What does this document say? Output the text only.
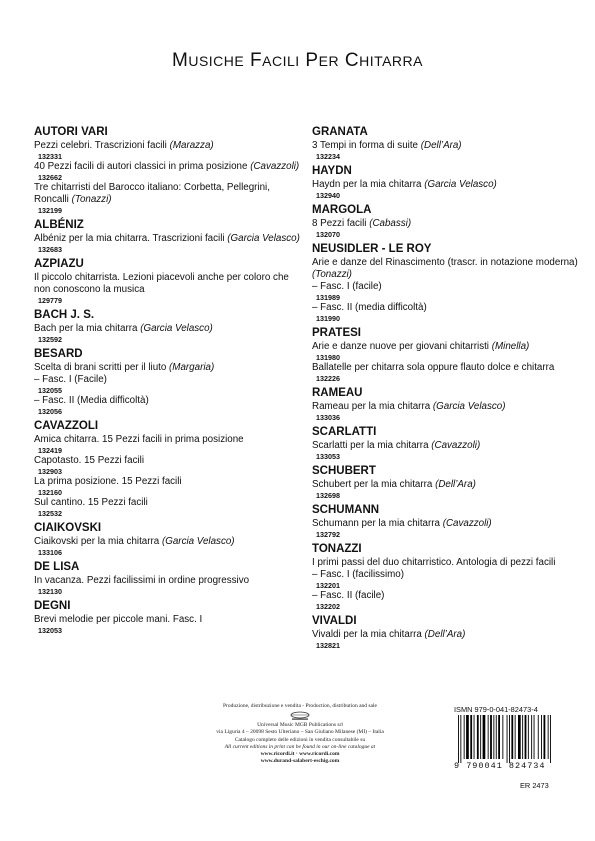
MUSICHE FACILI PER CHITARRA
AUTORI VARI
Pezzi celebri. Trascrizioni facili (Marazza)
132331
40 Pezzi facili di autori classici in prima posizione (Cavazzoli)
132662
Tre chitarristi del Barocco italiano: Corbetta, Pellegrini, Roncalli (Tonazzi)
132199
ALBÉNIZ
Albéniz per la mia chitarra. Trascrizioni facili (Garcia Velasco)
132683
AZPIAZU
Il piccolo chitarrista. Lezioni piacevoli anche per coloro che non conoscono la musica
129779
BACH J. S.
Bach per la mia chitarra (Garcia Velasco)
132592
BESARD
Scelta di brani scritti per il liuto (Margaria)
– Fasc. I (Facile)
132055
– Fasc. II (Media difficoltà)
132056
CAVAZZOLI
Amica chitarra. 15 Pezzi facili in prima posizione
132419
Capotasto. 15 Pezzi facili
132903
La prima posizione. 15 Pezzi facili
132160
Sul cantino. 15 Pezzi facili
132532
CIAIKOVSKI
Ciaikovski per la mia chitarra (Garcia Velasco)
133106
DE LISA
In vacanza. Pezzi facilissimi in ordine progressivo
132130
DEGNI
Brevi melodie per piccole mani. Fasc. I
132053
GRANATA
3 Tempi in forma di suite (Dell’Ara)
132234
HAYDN
Haydn per la mia chitarra (Garcia Velasco)
132940
MARGOLA
8 Pezzi facili (Cabassi)
132070
NEUSIDLER - LE ROY
Arie e danze del Rinascimento (trascr. in notazione moderna) (Tonazzi)
– Fasc. I (facile)
131989
– Fasc. II (media difficoltà)
131990
PRATESI
Arie e danze nuove per giovani chitarristi (Minella)
131980
Ballatelle per chitarra sola oppure flauto dolce e chitarra
132226
RAMEAU
Rameau per la mia chitarra (Garcia Velasco)
133036
SCARLATTI
Scarlatti per la mia chitarra (Cavazzoli)
133053
SCHUBERT
Schubert per la mia chitarra (Dell’Ara)
132698
SCHUMANN
Schumann per la mia chitarra (Cavazzoli)
132792
TONAZZI
I primi passi del duo chitarristico. Antologia di pezzi facili
– Fasc. I (facilissimo)
132201
– Fasc. II (facile)
132202
VIVALDI
Vivaldi per la mia chitarra (Dell’Ara)
132821
Produzione, distribuzione e vendita - Production, distribution and sale
Universal Music MGB Publications srl
via Liguria 4 – 20098 Sesto Ulteriano – San Giuliano Milanese (MI) – Italia
Catalogo completo delle edizioni in vendita consultabile su
All current editions in print can be found in our on-line catalogue at
www.ricordi.it · www.ricordi.com
www.durand-salabert-eschig.com
ISMN 979-0-041-82473-4
9 790041 824734
ER 2473
